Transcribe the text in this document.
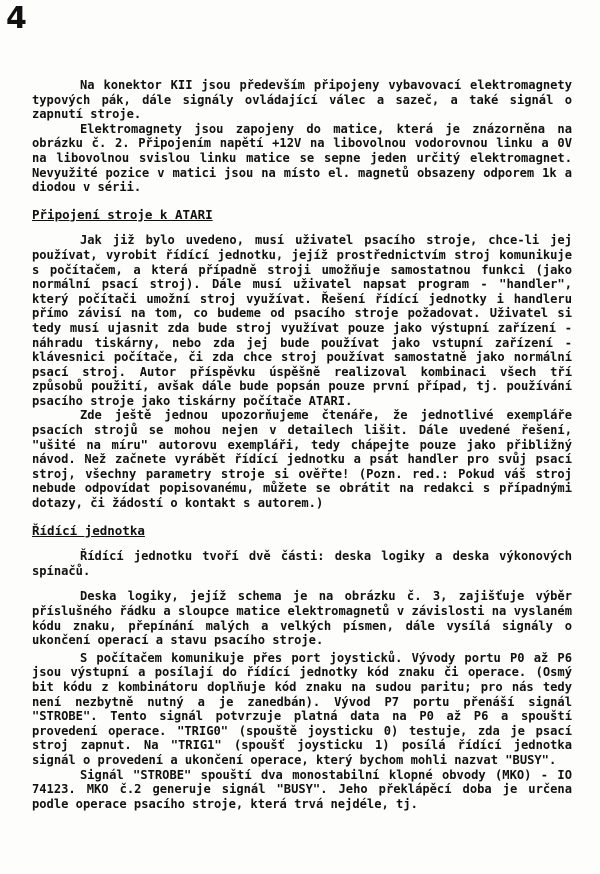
4

Na konektor KII jsou především připojeny vybavovací elektromagnety typových pák, dále signály ovládající válec a sazeč, a také signál o zapnutí stroje.

Elektromagnety jsou zapojeny do matice, která je znázorněna na obrázku č. 2. Připojením napětí +12V na libovolnou vodorovnou linku a 0V na libovolnou svislou linku matice se sepne jeden určitý elektromagnet. Nevyužité pozice v matici jsou na místo el. magnetů obsazeny odporem 1k a diodou v sérii.

Připojení stroje k ATARI

Jak již bylo uvedeno, musí uživatel psacího stroje, chce-li jej používat, vyrobit řídící jednotku, jejíž prostřednictvím stroj komunikuje s počítačem, a která případně stroji umožňuje samostatnou funkci (jako normální psací stroj). Dále musí uživatel napsat program - "handler", který počítači umožní stroj využívat. Řešení řídící jednotky i handleru přímo závisí na tom, co budeme od psacího stroje požadovat. Uživatel si tedy musí ujasnit zda bude stroj využívat pouze jako výstupní zařízení - náhradu tiskárny, nebo zda jej bude používat jako vstupní zařízení - klávesnici počítače, či zda chce stroj používat samostatně jako normální psací stroj. Autor příspěvku úspěšně realizoval kombinaci všech tří způsobů použití, avšak dále bude popsán pouze první případ, tj. používání psacího stroje jako tiskárny počítače ATARI.

Zde ještě jednou upozorňujeme čtenáře, že jednotlivé exempláře psacích strojů se mohou nejen v detailech lišit. Dále uvedené řešení, "ušité na míru" autorovu exempláři, tedy chápejte pouze jako přibližný návod. Než začnete vyrábět řídící jednotku a psát handler pro svůj psací stroj, všechny parametry stroje si ověřte! (Pozn. red.: Pokud váš stroj nebude odpovídat popisovanému, můžete se obrátit na redakci s případnými dotazy, či žádostí o kontakt s autorem.)

Řídící jednotka

Řídící jednotku tvoří dvě části: deska logiky a deska výkonových spínačů.

Deska logiky, jejíž schema je na obrázku č. 3, zajišťuje výběr příslušného řádku a sloupce matice elektromagnetů v závislosti na vyslaném kódu znaku, přepínání malých a velkých písmen, dále vysílá signály o ukončení operací a stavu psacího stroje.

S počítačem komunikuje přes port joysticků. Vývody portu P0 až P6 jsou výstupní a posílají do řídící jednotky kód znaku či operace. (Osmý bit kódu z kombinátoru doplňuje kód znaku na sudou paritu; pro nás tedy není nezbytně nutný a je zanedbán). Vývod P7 portu přenáší signál "STROBE". Tento signál potvrzuje platná data na P0 až P6 a spouští provedení operace. "TRIG0" (spouště joysticku 0) testuje, zda je psací stroj zapnut. Na "TRIG1" (spoušť joysticku 1) posílá řídící jednotka signál o provedení a ukončení operace, který bychom mohli nazvat "BUSY".

Signál "STROBE" spouští dva monostabilní klopné obvody (MKO) - IO 74123. MKO č.2 generuje signál "BUSY". Jeho překlápěcí doba je určena podle operace psacího stroje, která trvá nejdéle, tj.
